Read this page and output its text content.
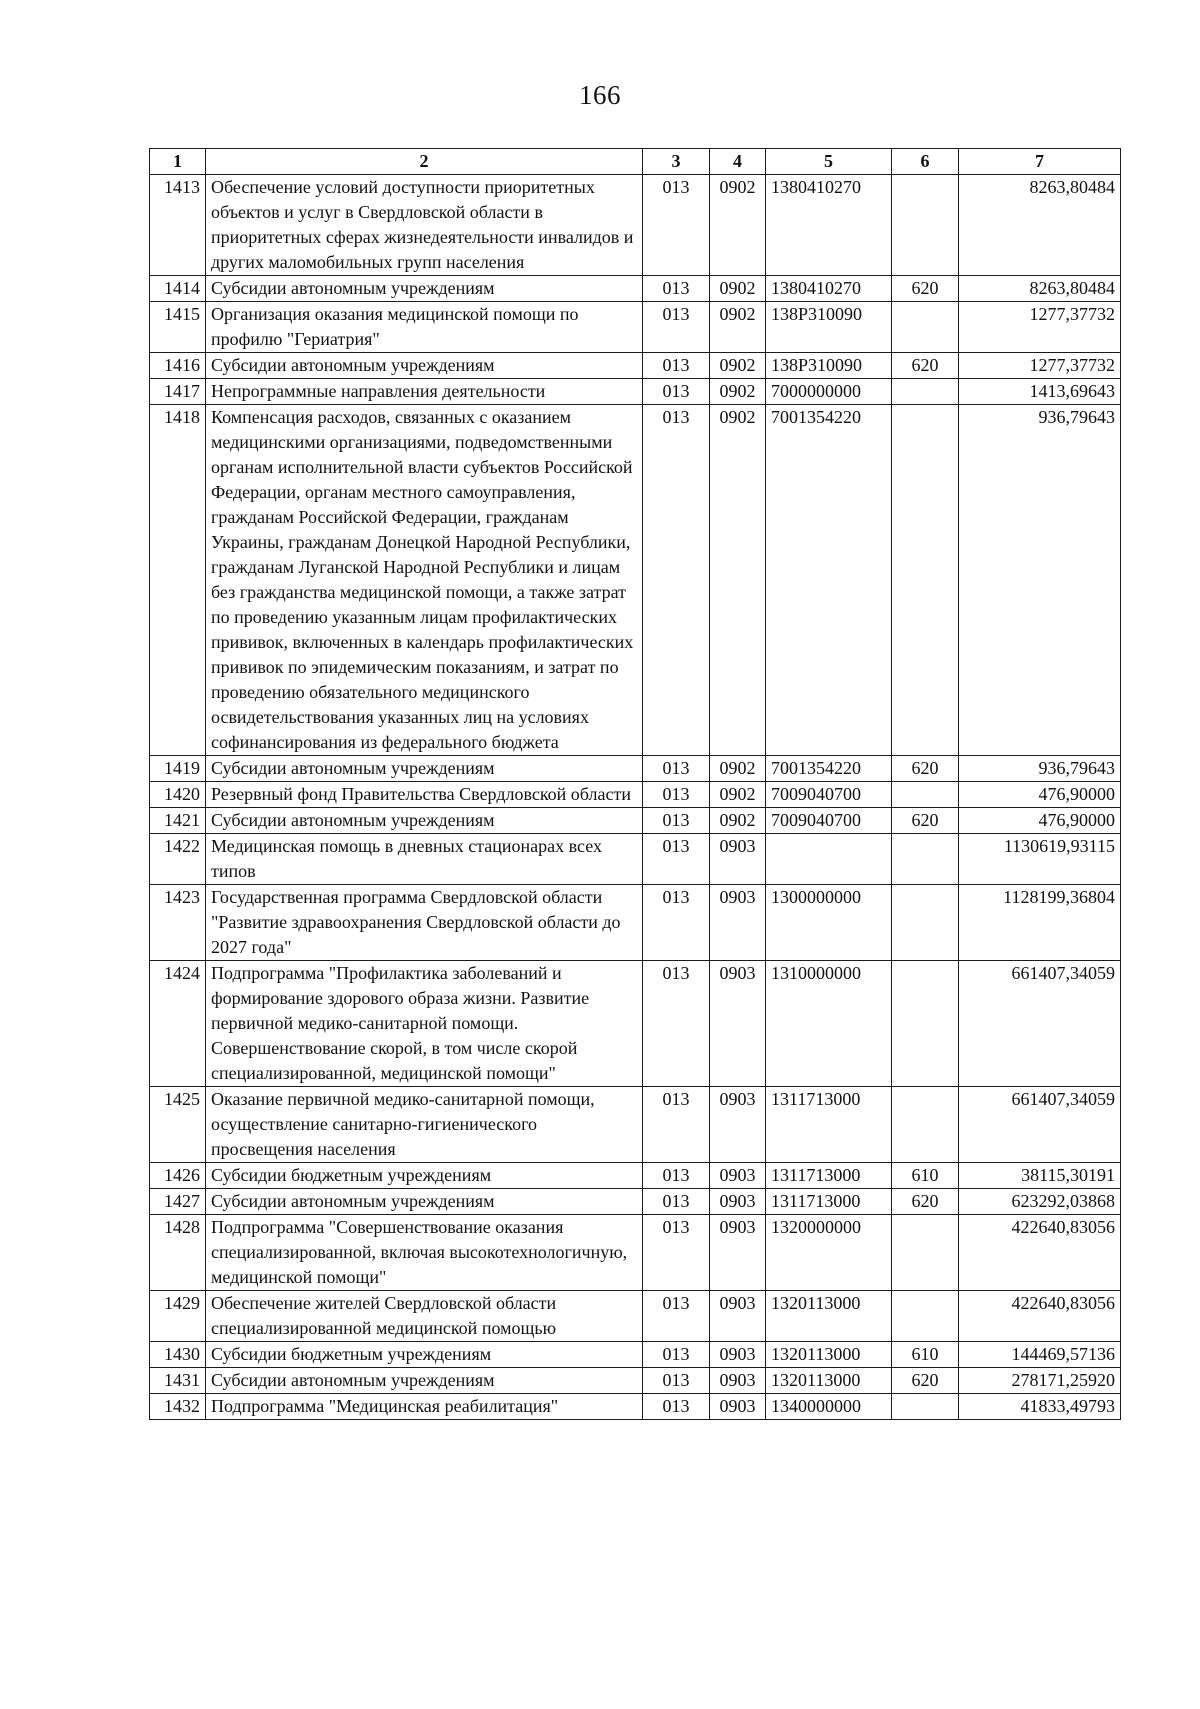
166
1	2	3	4	5	6	7
1413	Обеспечение условий доступности приоритетных объектов и услуг в Свердловской области в приоритетных сферах жизнедеятельности инвалидов и других маломобильных групп населения	013	0902	1380410270		8263,80484
1414	Субсидии автономным учреждениям	013	0902	1380410270	620	8263,80484
1415	Организация оказания медицинской помощи по профилю "Гериатрия"	013	0902	138Р310090		1277,37732
1416	Субсидии автономным учреждениям	013	0902	138Р310090	620	1277,37732
1417	Непрограммные направления деятельности	013	0902	7000000000		1413,69643
1418	Компенсация расходов, связанных с оказанием медицинскими организациями, подведомственными органам исполнительной власти субъектов Российской Федерации, органам местного самоуправления, гражданам Российской Федерации, гражданам Украины, гражданам Донецкой Народной Республики, гражданам Луганской Народной Республики и лицам без гражданства медицинской помощи, а также затрат по проведению указанным лицам профилактических прививок, включенных в календарь профилактических прививок по эпидемическим показаниям, и затрат по проведению обязательного медицинского освидетельствования указанных лиц на условиях софинансирования из федерального бюджета	013	0902	7001354220		936,79643
1419	Субсидии автономным учреждениям	013	0902	7001354220	620	936,79643
1420	Резервный фонд Правительства Свердловской области	013	0902	7009040700		476,90000
1421	Субсидии автономным учреждениям	013	0902	7009040700	620	476,90000
1422	Медицинская помощь в дневных стационарах всех типов	013	0903			1130619,93115
1423	Государственная программа Свердловской области "Развитие здравоохранения Свердловской области до 2027 года"	013	0903	1300000000		1128199,36804
1424	Подпрограмма "Профилактика заболеваний и формирование здорового образа жизни. Развитие первичной медико-санитарной помощи. Совершенствование скорой, в том числе скорой специализированной, медицинской помощи"	013	0903	1310000000		661407,34059
1425	Оказание первичной медико-санитарной помощи, осуществление санитарно-гигиенического просвещения населения	013	0903	1311713000		661407,34059
1426	Субсидии бюджетным учреждениям	013	0903	1311713000	610	38115,30191
1427	Субсидии автономным учреждениям	013	0903	1311713000	620	623292,03868
1428	Подпрограмма "Совершенствование оказания специализированной, включая высокотехнологичную, медицинской помощи"	013	0903	1320000000		422640,83056
1429	Обеспечение жителей Свердловской области специализированной медицинской помощью	013	0903	1320113000		422640,83056
1430	Субсидии бюджетным учреждениям	013	0903	1320113000	610	144469,57136
1431	Субсидии автономным учреждениям	013	0903	1320113000	620	278171,25920
1432	Подпрограмма "Медицинская реабилитация"	013	0903	1340000000		41833,49793
